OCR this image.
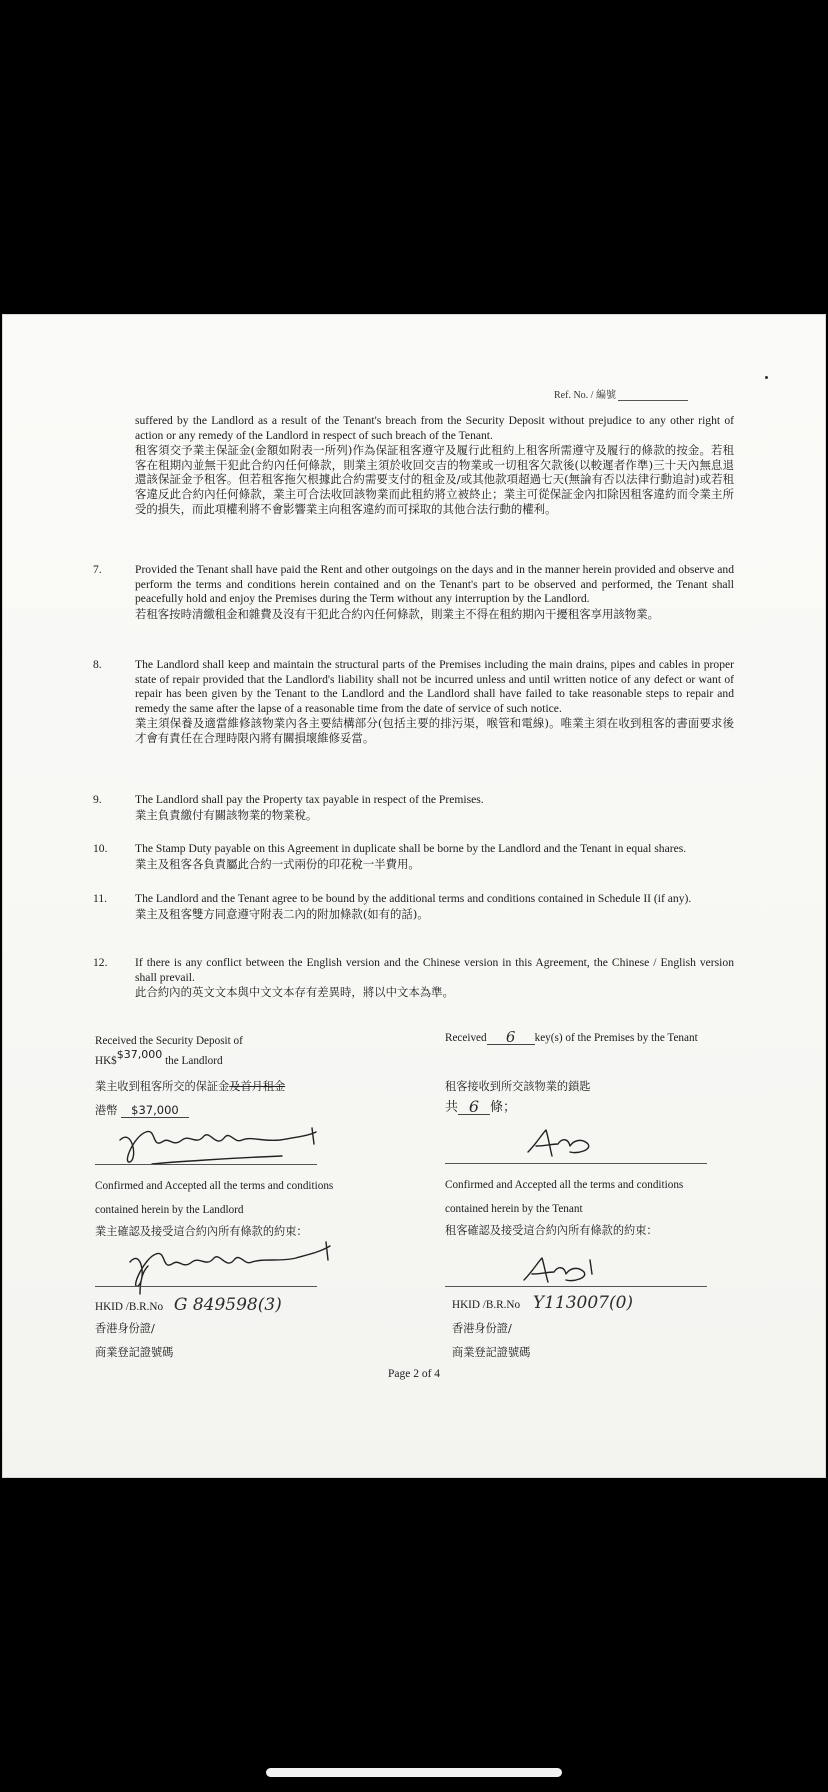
Ref. No. / 編號
suffered by the Landlord as a result of the Tenant's breach from the Security Deposit without prejudice to any other right of action or any remedy of the Landlord in respect of such breach of the Tenant.
租客須交予業主保証金(金額如附表一所列)作為保証租客遵守及履行此租約上租客所需遵守及履行的條款的按金。若租客在租期內並無干犯此合約內任何條款，則業主須於收回交吉的物業或一切租客欠款後(以較遲者作準)三十天內無息退還該保証金予租客。但若租客拖欠根據此合約需要支付的租金及/或其他款項超過七天(無論有否以法律行動追討)或若租客違反此合約內任何條款，業主可合法收回該物業而此租約將立被終止；業主可從保証金內扣除因租客違約而令業主所受的損失，而此項權利將不會影響業主向租客違約而可採取的其他合法行動的權利。
7.	Provided the Tenant shall have paid the Rent and other outgoings on the days and in the manner herein provided and observe and perform the terms and conditions herein contained and on the Tenant's part to be observed and performed, the Tenant shall peacefully hold and enjoy the Premises during the Term without any interruption by the Landlord.
若租客按時清繳租金和雜費及沒有干犯此合約內任何條款，則業主不得在租約期內干擾租客享用該物業。
8.	The Landlord shall keep and maintain the structural parts of the Premises including the main drains, pipes and cables in proper state of repair provided that the Landlord's liability shall not be incurred unless and until written notice of any defect or want of repair has been given by the Tenant to the Landlord and the Landlord shall have failed to take reasonable steps to repair and remedy the same after the lapse of a reasonable time from the date of service of such notice.
業主須保養及適當維修該物業內各主要結構部分(包括主要的排污渠，喉管和電線)。唯業主須在收到租客的書面要求後才會有責任在合理時限內將有關損壞維修妥當。
9.	The Landlord shall pay the Property tax payable in respect of the Premises.
業主負責繳付有關該物業的物業稅。
10. The Stamp Duty payable on this Agreement in duplicate shall be borne by the Landlord and the Tenant in equal shares.
業主及租客各負責屬此合約一式兩份的印花稅一半費用。
11. The Landlord and the Tenant agree to be bound by the additional terms and conditions contained in Schedule II (if any).
業主及租客雙方同意遵守附表二內的附加條款(如有的話)。
12. If there is any conflict between the English version and the Chinese version in this Agreement, the Chinese / English version shall prevail.
此合約內的英文文本與中文文本存有差異時，將以中文本為準。
Received the Security Deposit of
HK$$37,000 the Landlord
業主收到租客所交的保証金及首月租金
港幣 $37,000
Confirmed and Accepted all the terms and conditions
contained herein by the Landlord
業主確認及接受這合約內所有條款的約束：
HKID /B.R.No G 849598(3)
香港身份證/
商業登記證號碼
Received 6 key(s) of the Premises by the Tenant
租客接收到所交該物業的鎖匙
共 6 條；
Confirmed and Accepted all the terms and conditions
contained herein by the Tenant
租客確認及接受這合約內所有條款的約束：
HKID /B.R.No Y113007(0)
香港身份證/
商業登記證號碼
Page 2 of 4
